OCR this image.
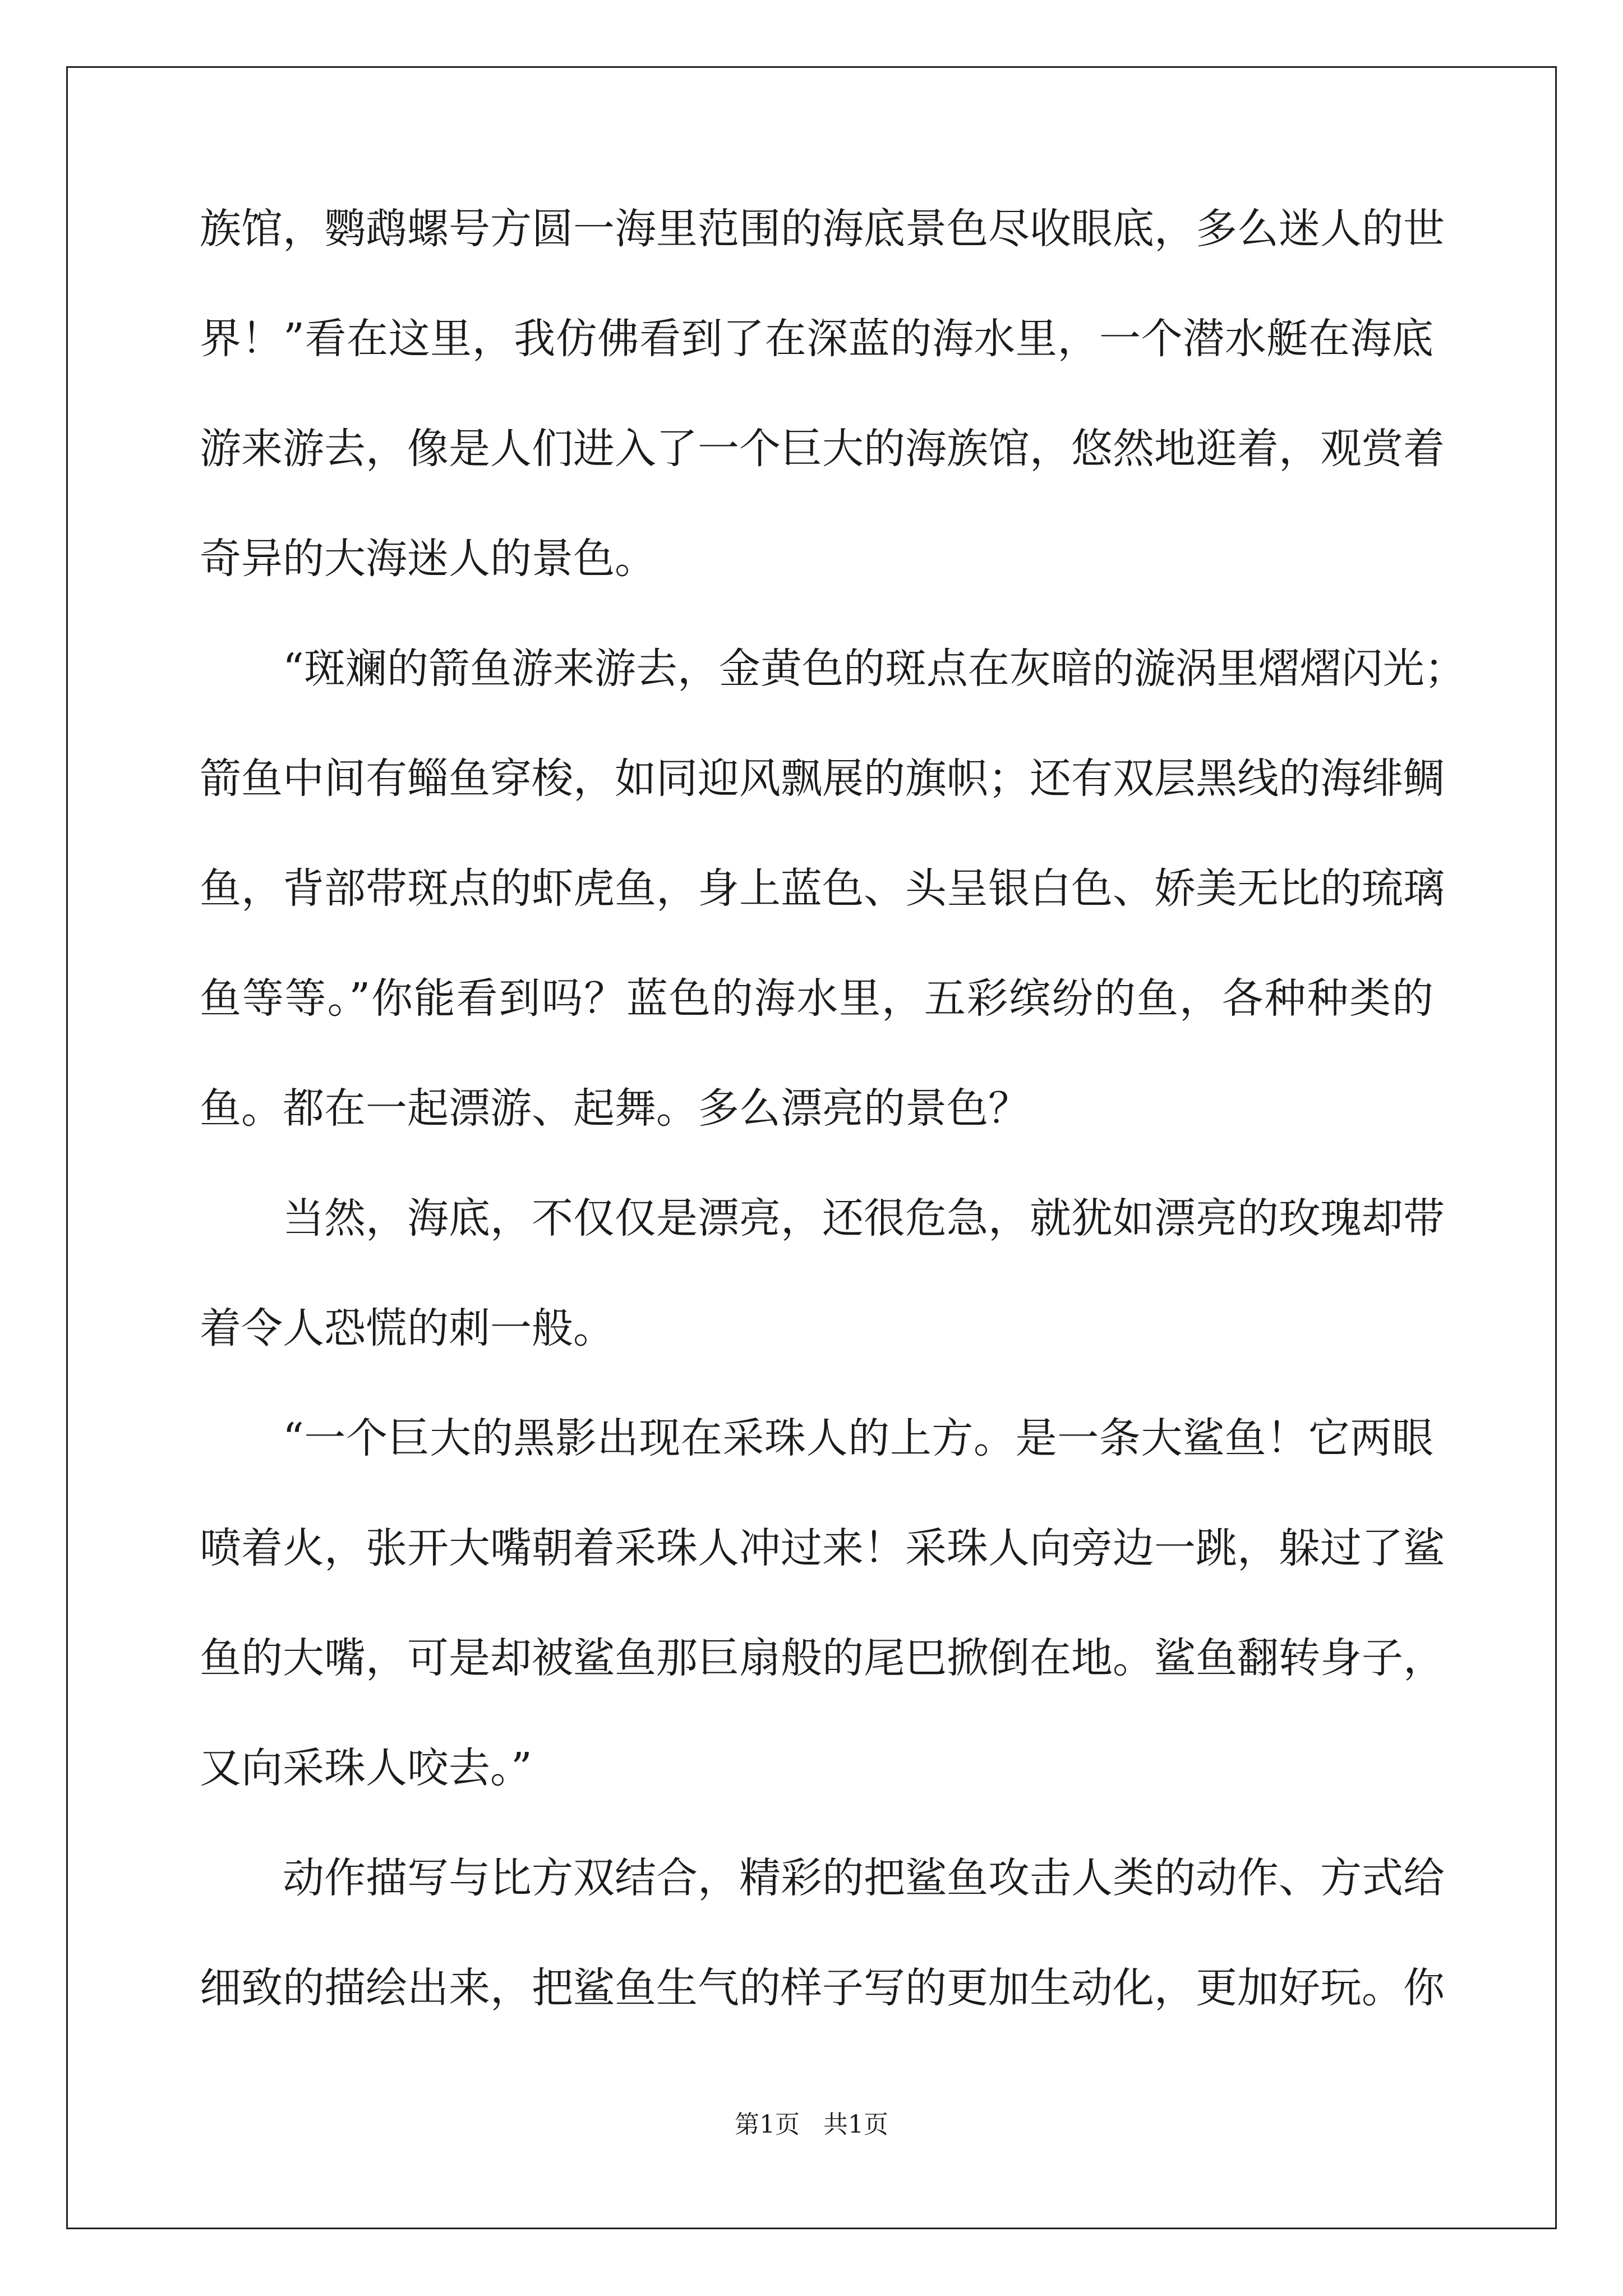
族馆，鹦鹉螺号方圆一海里范围的海底景色尽收眼底，多么迷人的世
界！”看在这里，我仿佛看到了在深蓝的海水里，一个潜水艇在海底
游来游去，像是人们进入了一个巨大的海族馆，悠然地逛着，观赏着
奇异的大海迷人的景色。
“斑斓的箭鱼游来游去，金黄色的斑点在灰暗的漩涡里熠熠闪光；
箭鱼中间有鲻鱼穿梭，如同迎风飘展的旗帜；还有双层黑线的海绯鲷
鱼，背部带斑点的虾虎鱼，身上蓝色、头呈银白色、娇美无比的琉璃
鱼等等。”你能看到吗？蓝色的海水里，五彩缤纷的鱼，各种种类的
鱼。都在一起漂游、起舞。多么漂亮的景色？
当然，海底，不仅仅是漂亮，还很危急，就犹如漂亮的玫瑰却带
着令人恐慌的刺一般。
“一个巨大的黑影出现在采珠人的上方。是一条大鲨鱼！它两眼
喷着火，张开大嘴朝着采珠人冲过来！采珠人向旁边一跳，躲过了鲨
鱼的大嘴，可是却被鲨鱼那巨扇般的尾巴掀倒在地。鲨鱼翻转身子，
又向采珠人咬去。”
动作描写与比方双结合，精彩的把鲨鱼攻击人类的动作、方式给
细致的描绘出来，把鲨鱼生气的样子写的更加生动化，更加好玩。你
第1页 共1页
